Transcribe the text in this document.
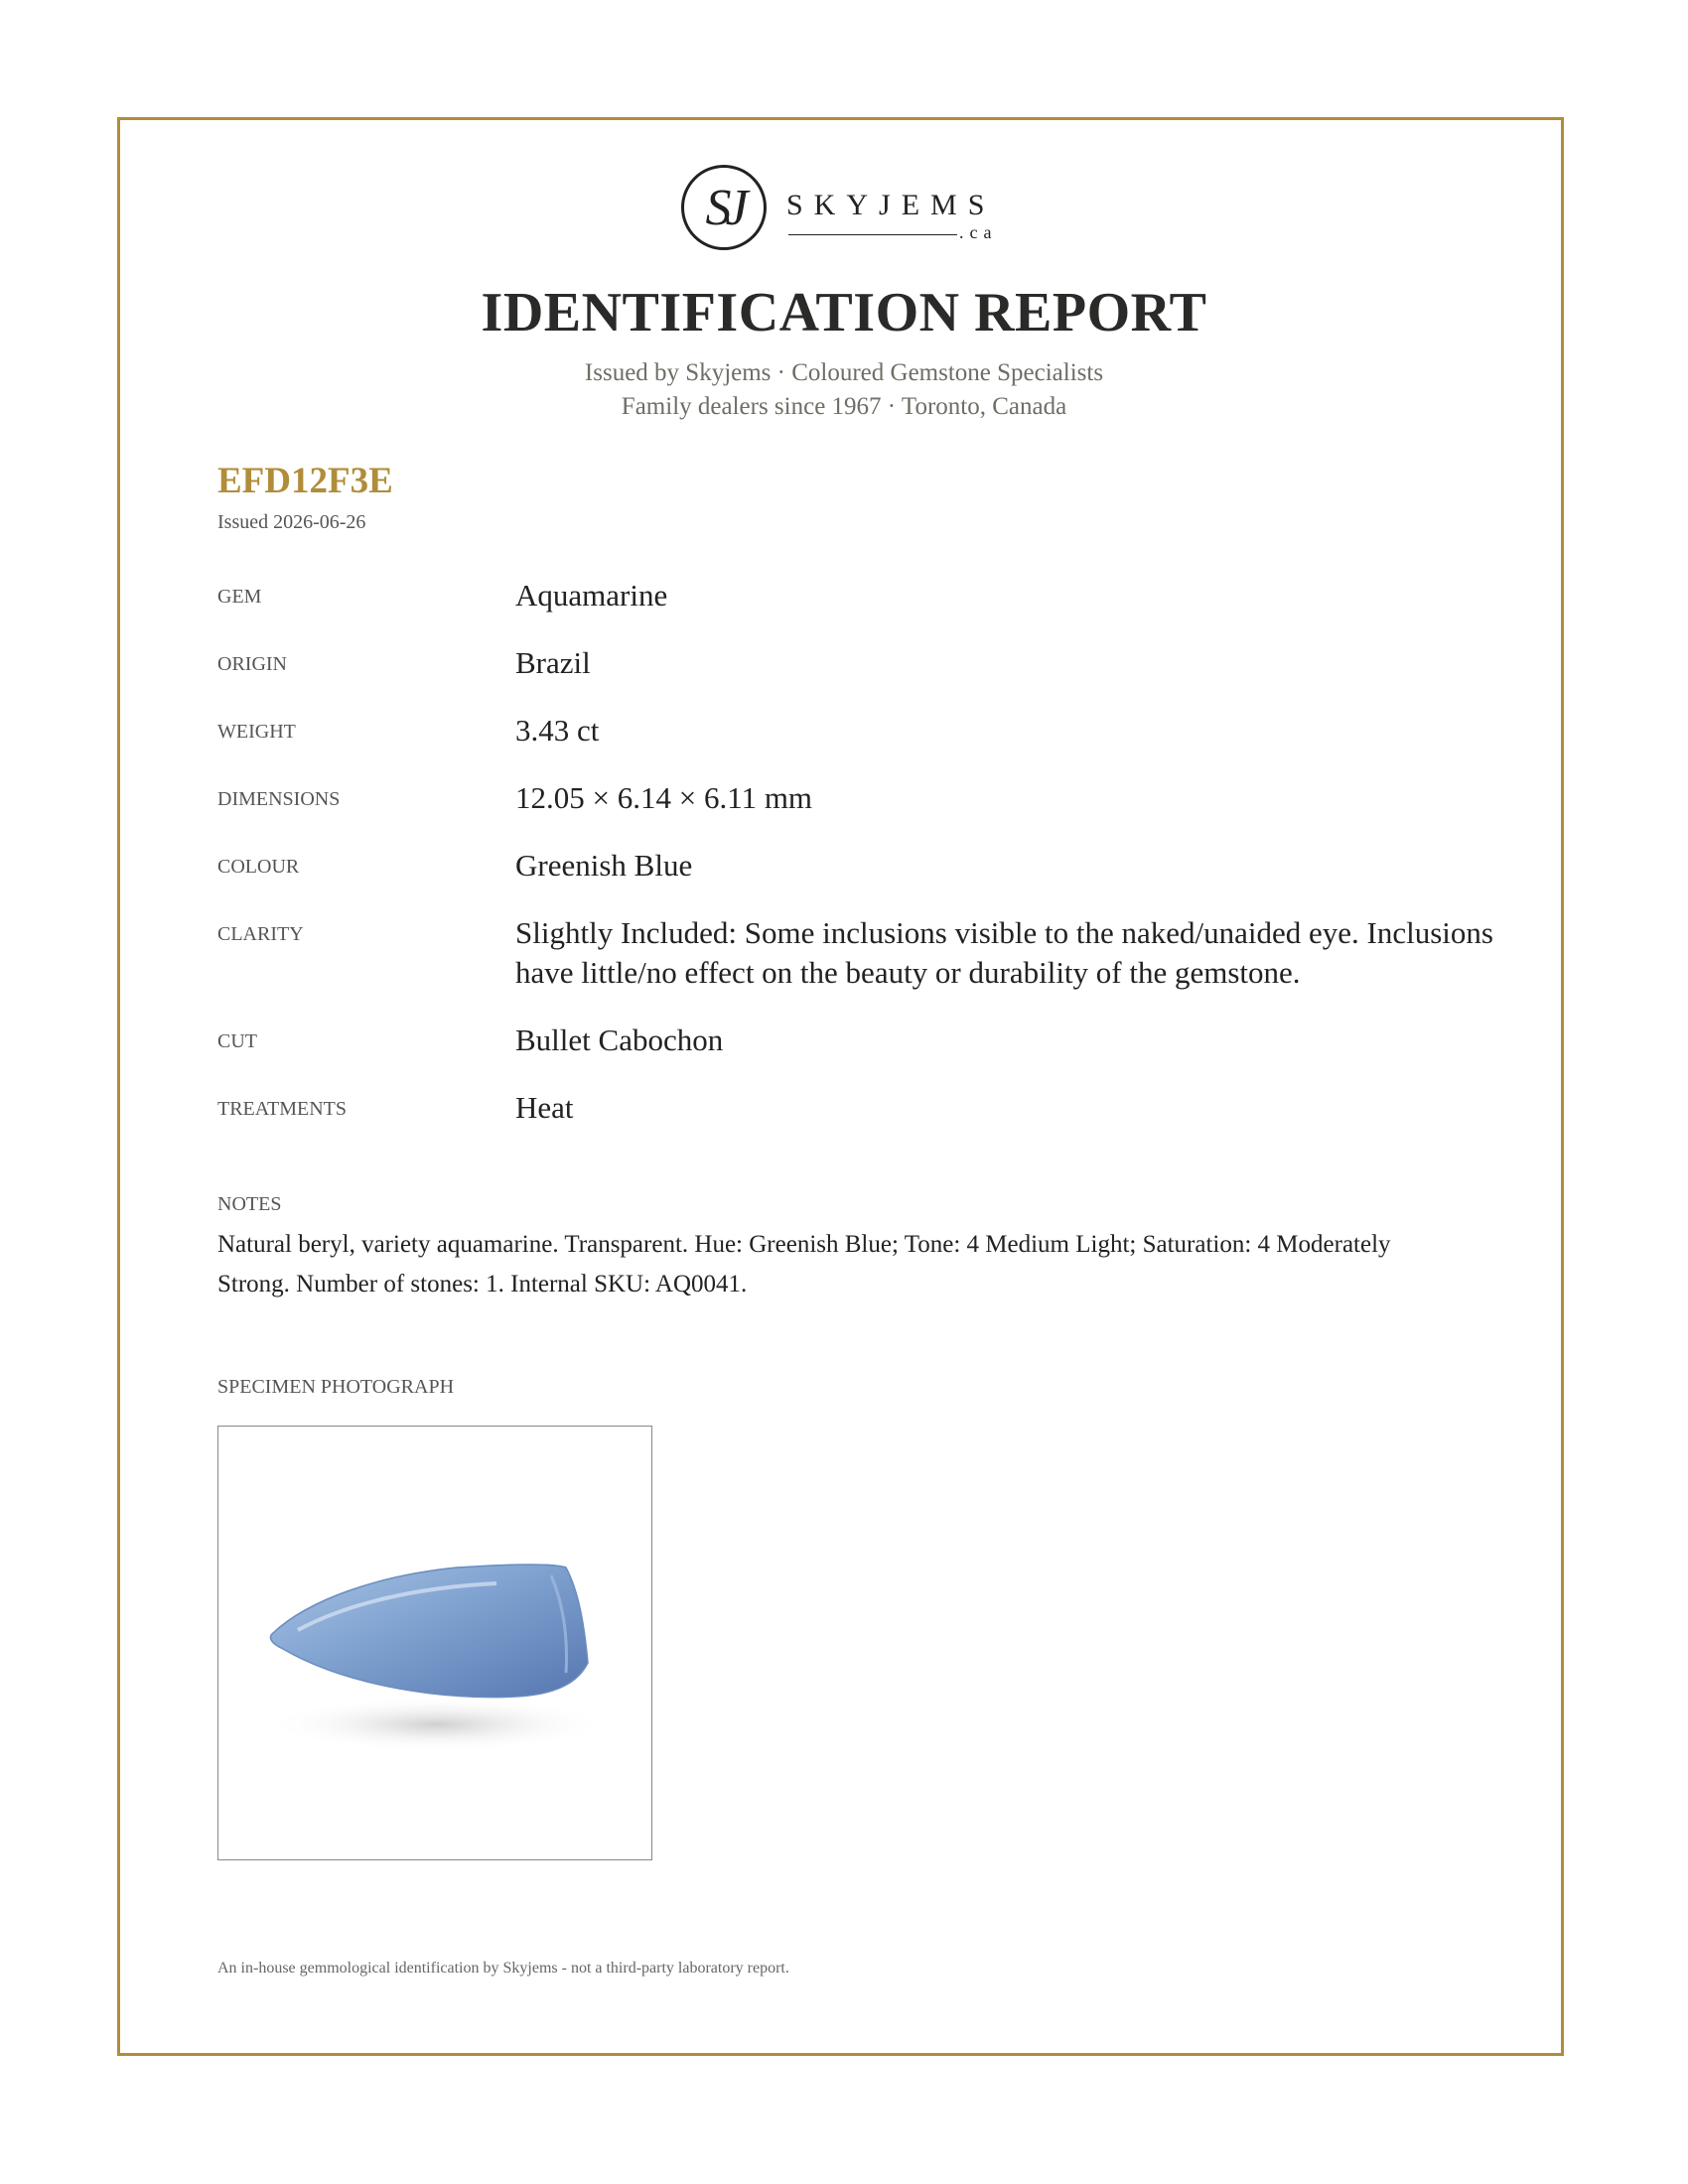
SJ SKYJEMS
.ca
IDENTIFICATION REPORT
Issued by Skyjems · Coloured Gemstone Specialists
Family dealers since 1967 · Toronto, Canada
EFD12F3E
Issued 2026-06-26
GEM	Aquamarine
ORIGIN	Brazil
WEIGHT	3.43 ct
DIMENSIONS	12.05 × 6.14 × 6.11 mm
COLOUR	Greenish Blue
CLARITY	Slightly Included: Some inclusions visible to the naked/unaided eye. Inclusions have little/no effect on the beauty or durability of the gemstone.
CUT	Bullet Cabochon
TREATMENTS	Heat
NOTES
Natural beryl, variety aquamarine. Transparent. Hue: Greenish Blue; Tone: 4 Medium Light; Saturation: 4 Moderately Strong. Number of stones: 1. Internal SKU: AQ0041.
SPECIMEN PHOTOGRAPH
An in-house gemmological identification by Skyjems - not a third-party laboratory report.
